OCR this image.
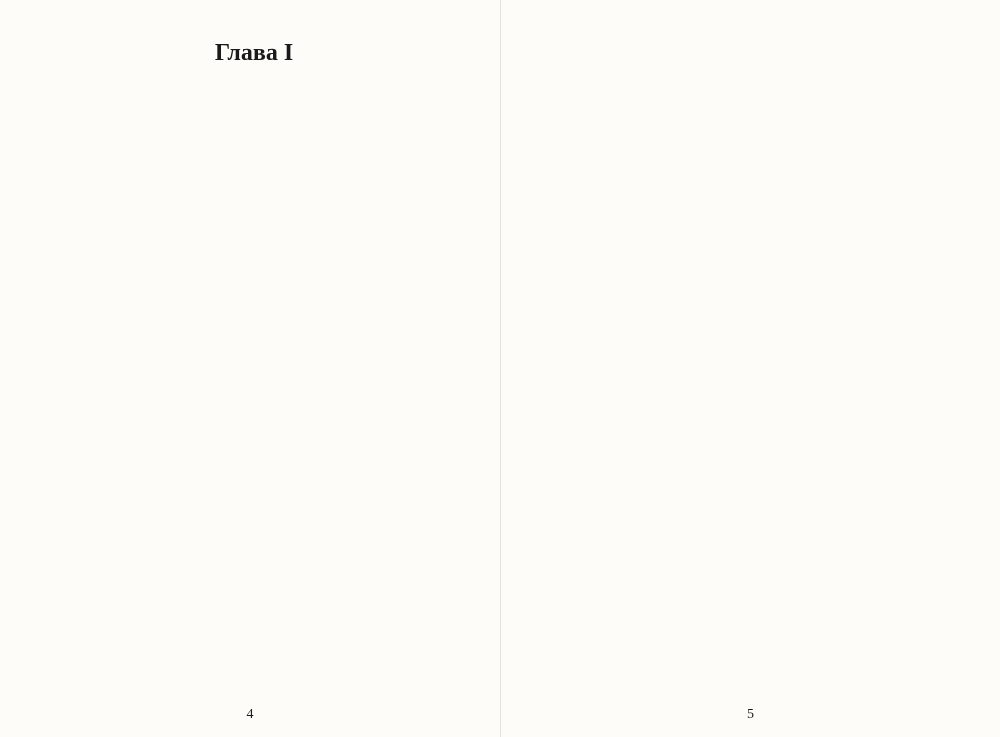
Глава I
4	5
